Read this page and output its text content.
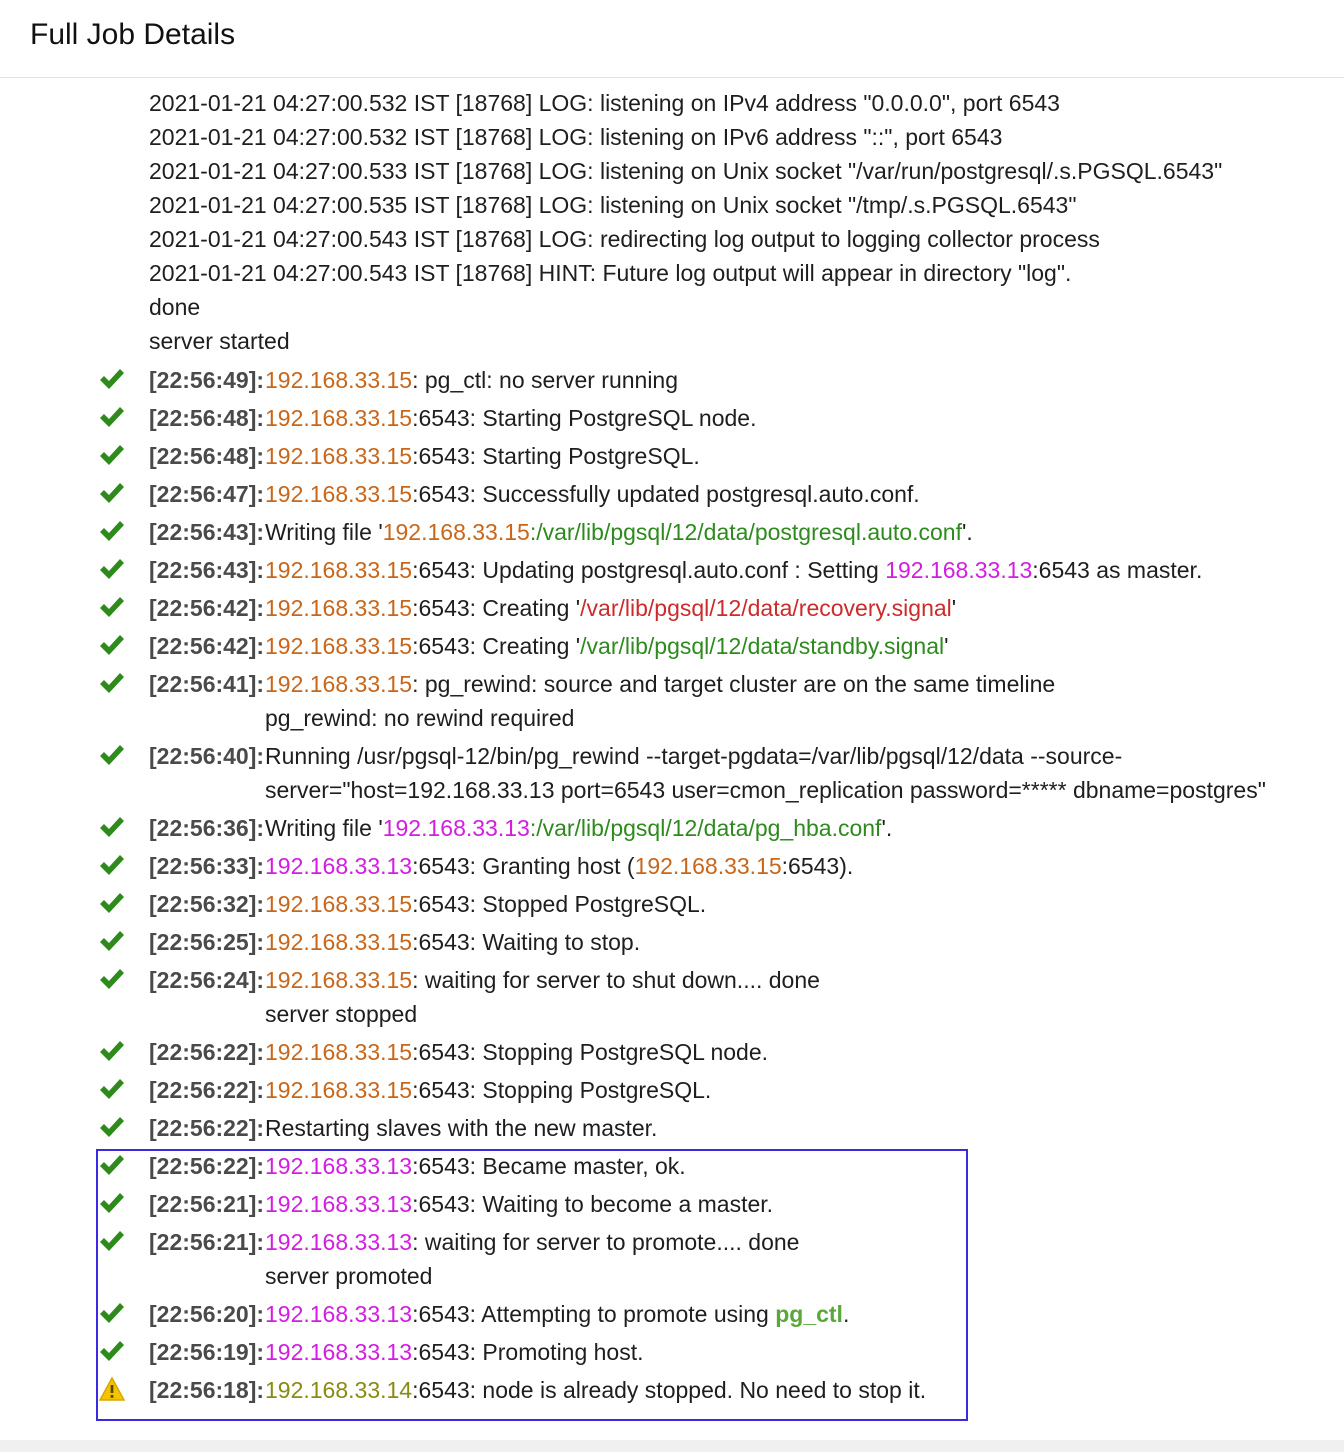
Full Job Details
2021-01-21 04:27:00.532 IST [18768] LOG: listening on IPv4 address "0.0.0.0", port 6543
2021-01-21 04:27:00.532 IST [18768] LOG: listening on IPv6 address "::", port 6543
2021-01-21 04:27:00.533 IST [18768] LOG: listening on Unix socket "/var/run/postgresql/.s.PGSQL.6543"
2021-01-21 04:27:00.535 IST [18768] LOG: listening on Unix socket "/tmp/.s.PGSQL.6543"
2021-01-21 04:27:00.543 IST [18768] LOG: redirecting log output to logging collector process
2021-01-21 04:27:00.543 IST [18768] HINT: Future log output will appear in directory "log".
done
server started
[22:56:49]: 192.168.33.15: pg_ctl: no server running
[22:56:48]: 192.168.33.15:6543: Starting PostgreSQL node.
[22:56:48]: 192.168.33.15:6543: Starting PostgreSQL.
[22:56:47]: 192.168.33.15:6543: Successfully updated postgresql.auto.conf.
[22:56:43]: Writing file '192.168.33.15:/var/lib/pgsql/12/data/postgresql.auto.conf'.
[22:56:43]: 192.168.33.15:6543: Updating postgresql.auto.conf : Setting 192.168.33.13:6543 as master.
[22:56:42]: 192.168.33.15:6543: Creating '/var/lib/pgsql/12/data/recovery.signal'
[22:56:42]: 192.168.33.15:6543: Creating '/var/lib/pgsql/12/data/standby.signal'
[22:56:41]: 192.168.33.15: pg_rewind: source and target cluster are on the same timeline
pg_rewind: no rewind required
[22:56:40]: Running /usr/pgsql-12/bin/pg_rewind --target-pgdata=/var/lib/pgsql/12/data --source-
server="host=192.168.33.13 port=6543 user=cmon_replication password=***** dbname=postgres"
[22:56:36]: Writing file '192.168.33.13:/var/lib/pgsql/12/data/pg_hba.conf'.
[22:56:33]: 192.168.33.13:6543: Granting host (192.168.33.15:6543).
[22:56:32]: 192.168.33.15:6543: Stopped PostgreSQL.
[22:56:25]: 192.168.33.15:6543: Waiting to stop.
[22:56:24]: 192.168.33.15: waiting for server to shut down.... done
server stopped
[22:56:22]: 192.168.33.15:6543: Stopping PostgreSQL node.
[22:56:22]: 192.168.33.15:6543: Stopping PostgreSQL.
[22:56:22]: Restarting slaves with the new master.
[22:56:22]: 192.168.33.13:6543: Became master, ok.
[22:56:21]: 192.168.33.13:6543: Waiting to become a master.
[22:56:21]: 192.168.33.13: waiting for server to promote.... done
server promoted
[22:56:20]: 192.168.33.13:6543: Attempting to promote using pg_ctl.
[22:56:19]: 192.168.33.13:6543: Promoting host.
[22:56:18]: 192.168.33.14:6543: node is already stopped. No need to stop it.
